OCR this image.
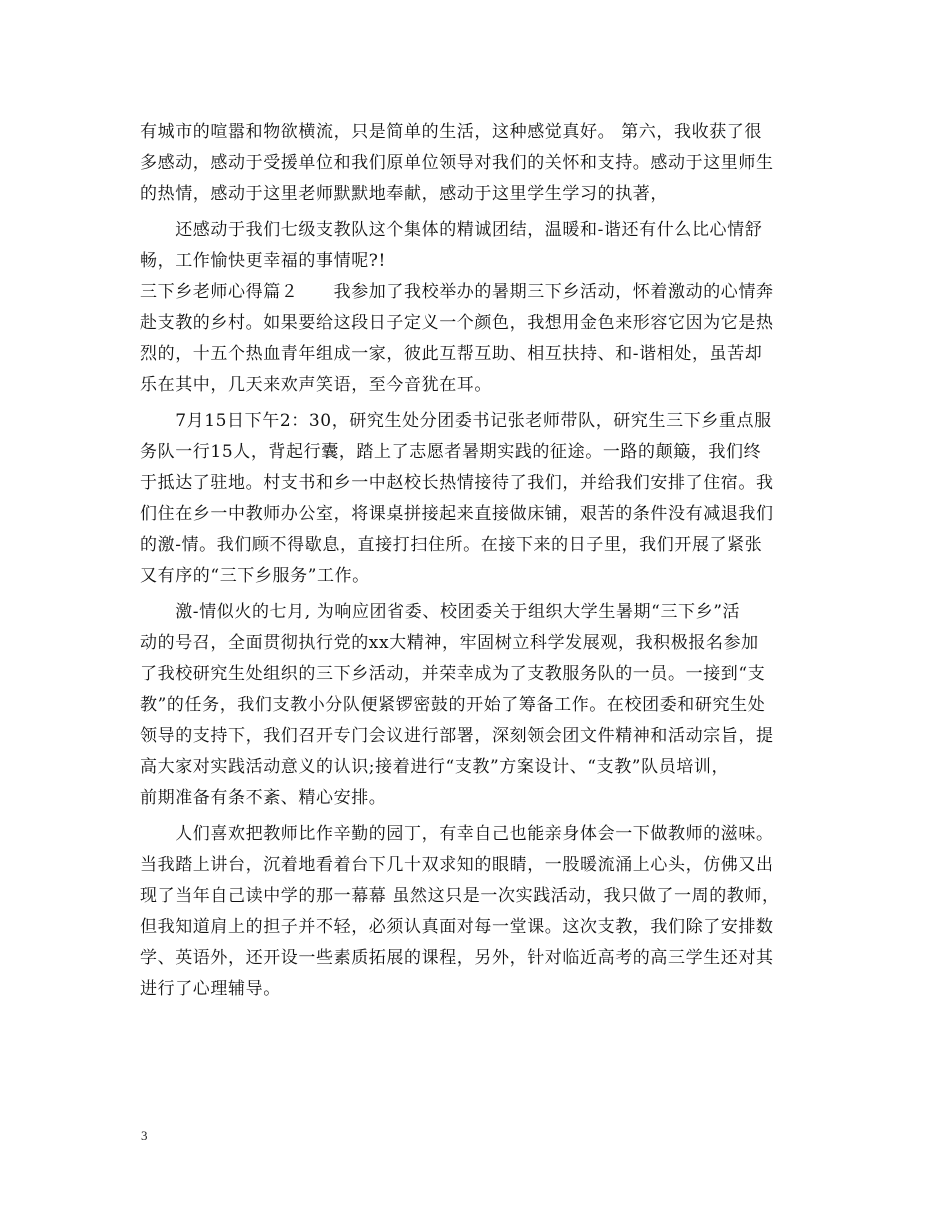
有城市的喧嚣和物欲横流，只是简单的生活，这种感觉真好。 第六，我收获了很
多感动，感动于受援单位和我们原单位领导对我们的关怀和支持。感动于这里师生
的热情，感动于这里老师默默地奉献，感动于这里学生学习的执著，
　　还感动于我们七级支教队这个集体的精诚团结，温暖和-谐还有什么比心情舒
畅，工作愉快更幸福的事情呢?!
三下乡老师心得篇２　　我参加了我校举办的暑期三下乡活动，怀着激动的心情奔
赴支教的乡村。如果要给这段日子定义一个颜色，我想用金色来形容它因为它是热
烈的，十五个热血青年组成一家，彼此互帮互助、相互扶持、和-谐相处，虽苦却
乐在其中，几天来欢声笑语，至今音犹在耳。
　　7月15日下午2：30，研究生处分团委书记张老师带队，研究生三下乡重点服
务队一行15人，背起行囊，踏上了志愿者暑期实践的征途。一路的颠簸，我们终
于抵达了驻地。村支书和乡一中赵校长热情接待了我们，并给我们安排了住宿。我
们住在乡一中教师办公室，将课桌拼接起来直接做床铺，艰苦的条件没有减退我们
的激-情。我们顾不得歇息，直接打扫住所。在接下来的日子里，我们开展了紧张
又有序的“三下乡服务”工作。
　　激-情似火的七月, 为响应团省委、校团委关于组织大学生暑期“三下乡”活
动的号召，全面贯彻执行党的xx大精神，牢固树立科学发展观，我积极报名参加
了我校研究生处组织的三下乡活动，并荣幸成为了支教服务队的一员。一接到“支
教”的任务，我们支教小分队便紧锣密鼓的开始了筹备工作。在校团委和研究生处
领导的支持下，我们召开专门会议进行部署，深刻领会团文件精神和活动宗旨，提
高大家对实践活动意义的认识;接着进行“支教”方案设计、“支教”队员培训，
前期准备有条不紊、精心安排。
　　人们喜欢把教师比作辛勤的园丁，有幸自己也能亲身体会一下做教师的滋味。
当我踏上讲台，沉着地看着台下几十双求知的眼睛，一股暖流涌上心头，仿佛又出
现了当年自己读中学的那一幕幕 虽然这只是一次实践活动，我只做了一周的教师，
但我知道肩上的担子并不轻，必须认真面对每一堂课。这次支教，我们除了安排数
学、英语外，还开设一些素质拓展的课程，另外，针对临近高考的高三学生还对其
进行了心理辅导。
3
